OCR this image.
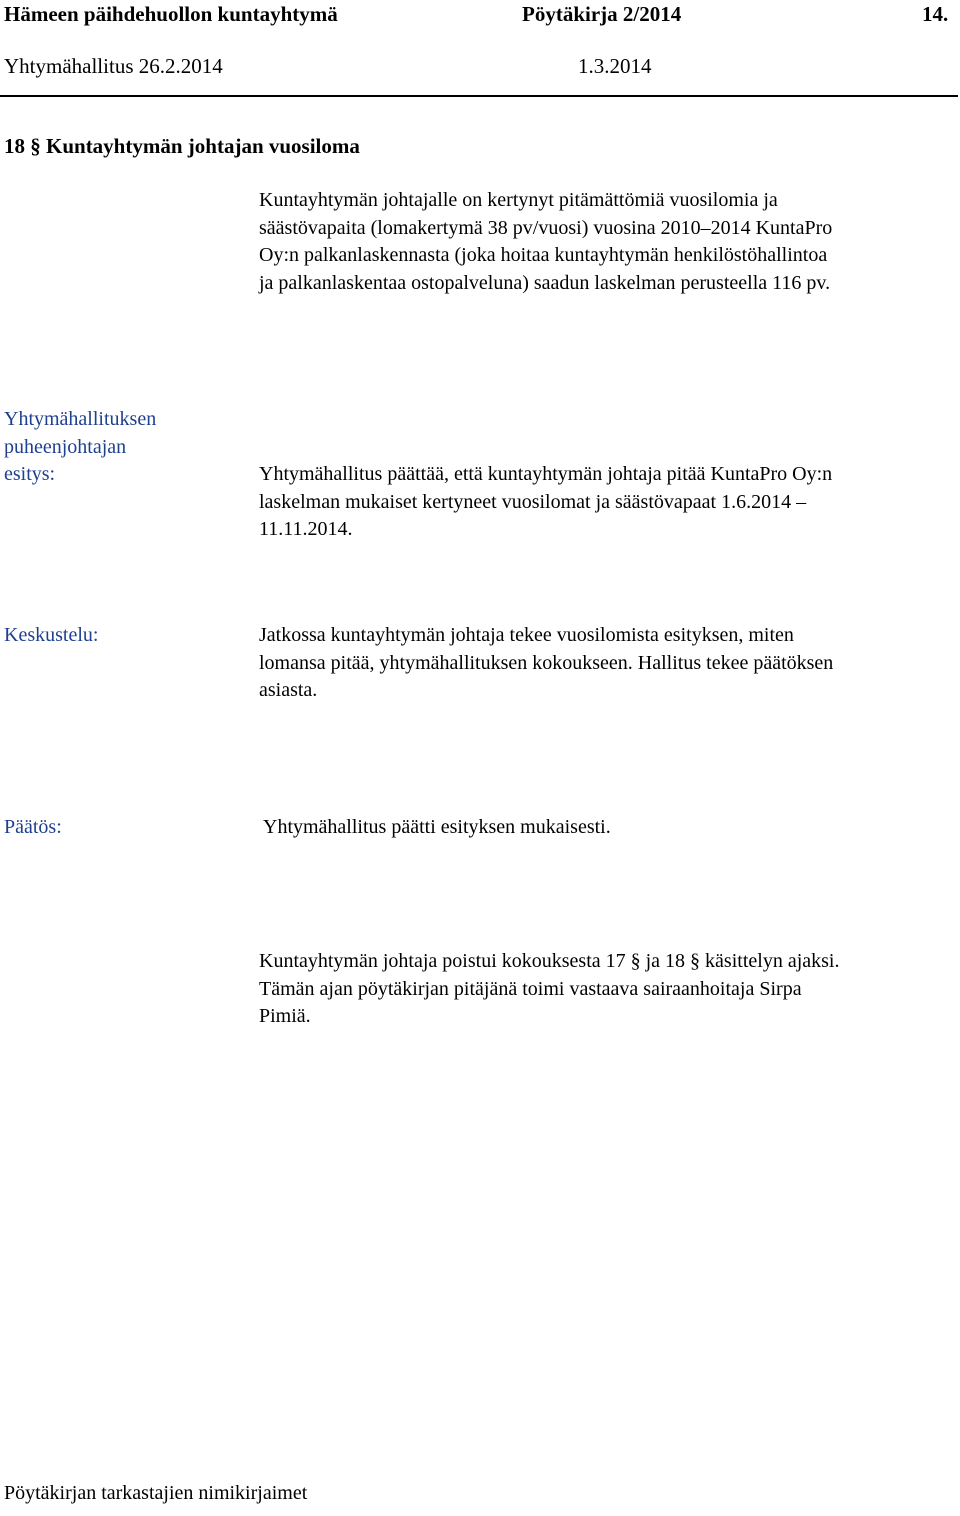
Hämeen päihdehuollon kuntayhtymä	Pöytäkirja 2/2014	14.
Yhtymähallitus 26.2.2014	1.3.2014
18 § Kuntayhtymän johtajan vuosiloma
Kuntayhtymän johtajalle on kertynyt pitämättömiä vuosilomia ja
säästövapaita (lomakertymä 38 pv/vuosi) vuosina 2010–2014 KuntaPro
Oy:n palkanlaskennasta (joka hoitaa kuntayhtymän henkilöstöhallintoa
ja palkanlaskentaa ostopalveluna) saadun laskelman perusteella 116 pv.
Yhtymähallituksen
puheenjohtajan
esitys:	Yhtymähallitus päättää, että kuntayhtymän johtaja pitää KuntaPro Oy:n
laskelman mukaiset kertyneet vuosilomat ja säästövapaat 1.6.2014 –
11.11.2014.
Keskustelu:	Jatkossa kuntayhtymän johtaja tekee vuosilomista esityksen, miten
lomansa pitää, yhtymähallituksen kokoukseen. Hallitus tekee päätöksen
asiasta.
Päätös:	Yhtymähallitus päätti esityksen mukaisesti.
Kuntayhtymän johtaja poistui kokouksesta 17 § ja 18 § käsittelyn ajaksi.
Tämän ajan pöytäkirjan pitäjänä toimi vastaava sairaanhoitaja Sirpa
Pimiä.
Pöytäkirjan tarkastajien nimikirjaimet
